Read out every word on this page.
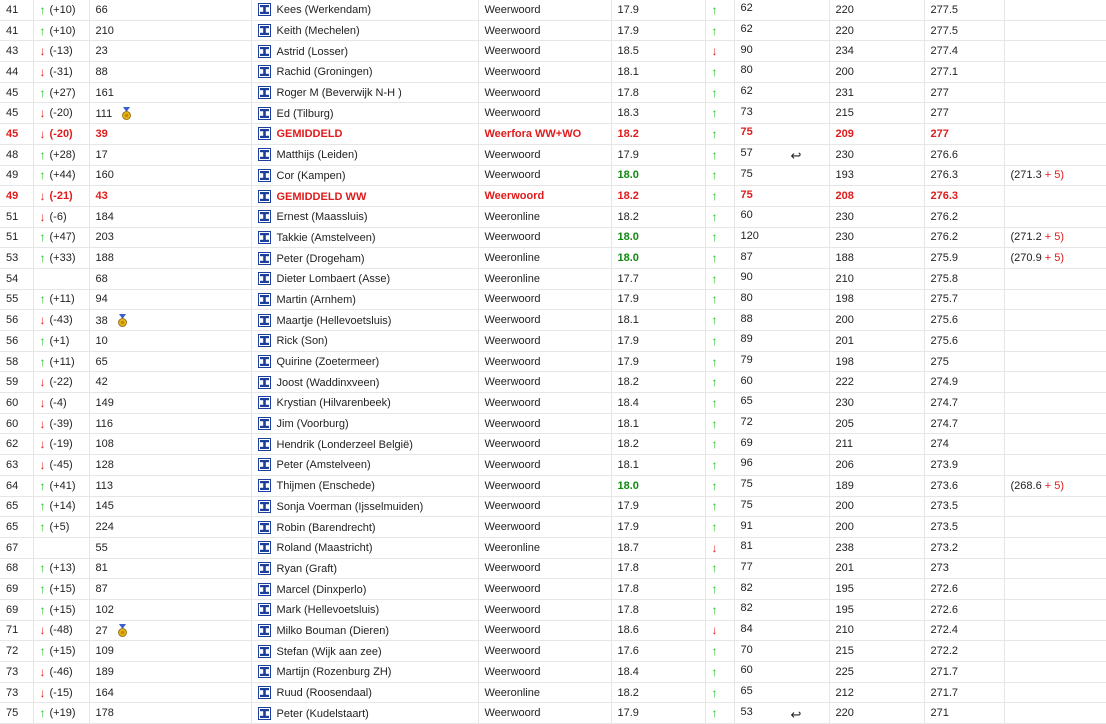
41	↑ (+10)	66	Kees (Werkendam)	Weerwoord	17.9	↑	62	220	277.5	
41	↑ (+10)	210	Keith (Mechelen)	Weerwoord	17.9	↑	62	220	277.5	
43	↓ (-13)	23	Astrid (Losser)	Weerwoord	18.5	↓	90	234	277.4	
44	↓ (-31)	88	Rachid (Groningen)	Weerwoord	18.1	↑	80	200	277.1	
45	↑ (+27)	161	Roger M (Beverwijk N-H )	Weerwoord	17.8	↑	62	231	277	
45	↓ (-20)	111	Ed (Tilburg)	Weerwoord	18.3	↑	73	215	277	
45	↓ (-20)	39	GEMIDDELD	Weerfora WW+WO	18.2	↑	75	209	277	
48	↑ (+28)	17	Matthijs (Leiden)	Weerwoord	17.9	↑	57 ↩	230	276.6	
49	↑ (+44)	160	Cor (Kampen)	Weerwoord	18.0	↑	75	193	276.3	(271.3 + 5)
49	↓ (-21)	43	GEMIDDELD WW	Weerwoord	18.2	↑	75	208	276.3	
51	↓ (-6)	184	Ernest (Maassluis)	Weeronline	18.2	↑	60	230	276.2	
51	↑ (+47)	203	Takkie (Amstelveen)	Weerwoord	18.0	↑	120	230	276.2	(271.2 + 5)
53	↑ (+33)	188	Peter (Drogeham)	Weeronline	18.0	↑	87	188	275.9	(270.9 + 5)
54		68	Dieter Lombaert (Asse)	Weeronline	17.7	↑	90	210	275.8	
55	↑ (+11)	94	Martin (Arnhem)	Weerwoord	17.9	↑	80	198	275.7	
56	↓ (-43)	38	Maartje (Hellevoetsluis)	Weerwoord	18.1	↑	88	200	275.6	
56	↑ (+1)	10	Rick (Son)	Weerwoord	17.9	↑	89	201	275.6	
58	↑ (+11)	65	Quirine (Zoetermeer)	Weerwoord	17.9	↑	79	198	275	
59	↓ (-22)	42	Joost (Waddinxveen)	Weerwoord	18.2	↑	60	222	274.9	
60	↓ (-4)	149	Krystian (Hilvarenbeek)	Weerwoord	18.4	↑	65	230	274.7	
60	↓ (-39)	116	Jim (Voorburg)	Weerwoord	18.1	↑	72	205	274.7	
62	↓ (-19)	108	Hendrik (Londerzeel België)	Weerwoord	18.2	↑	69	211	274	
63	↓ (-45)	128	Peter (Amstelveen)	Weerwoord	18.1	↑	96	206	273.9	
64	↑ (+41)	113	Thijmen (Enschede)	Weerwoord	18.0	↑	75	189	273.6	(268.6 + 5)
65	↑ (+14)	145	Sonja Voerman (Ijsselmuiden)	Weerwoord	17.9	↑	75	200	273.5	
65	↑ (+5)	224	Robin (Barendrecht)	Weerwoord	17.9	↑	91	200	273.5	
67		55	Roland (Maastricht)	Weeronline	18.7	↓	81	238	273.2	
68	↑ (+13)	81	Ryan (Graft)	Weerwoord	17.8	↑	77	201	273	
69	↑ (+15)	87	Marcel (Dinxperlo)	Weerwoord	17.8	↑	82	195	272.6	
69	↑ (+15)	102	Mark (Hellevoetsluis)	Weerwoord	17.8	↑	82	195	272.6	
71	↓ (-48)	27	Milko Bouman (Dieren)	Weerwoord	18.6	↓	84	210	272.4	
72	↑ (+15)	109	Stefan (Wijk aan zee)	Weerwoord	17.6	↑	70	215	272.2	
73	↓ (-46)	189	Martijn (Rozenburg ZH)	Weerwoord	18.4	↑	60	225	271.7	
73	↓ (-15)	164	Ruud (Roosendaal)	Weeronline	18.2	↑	65	212	271.7	
75	↑ (+19)	178	Peter (Kudelstaart)	Weerwoord	17.9	↑	53 ↩	220	271	
